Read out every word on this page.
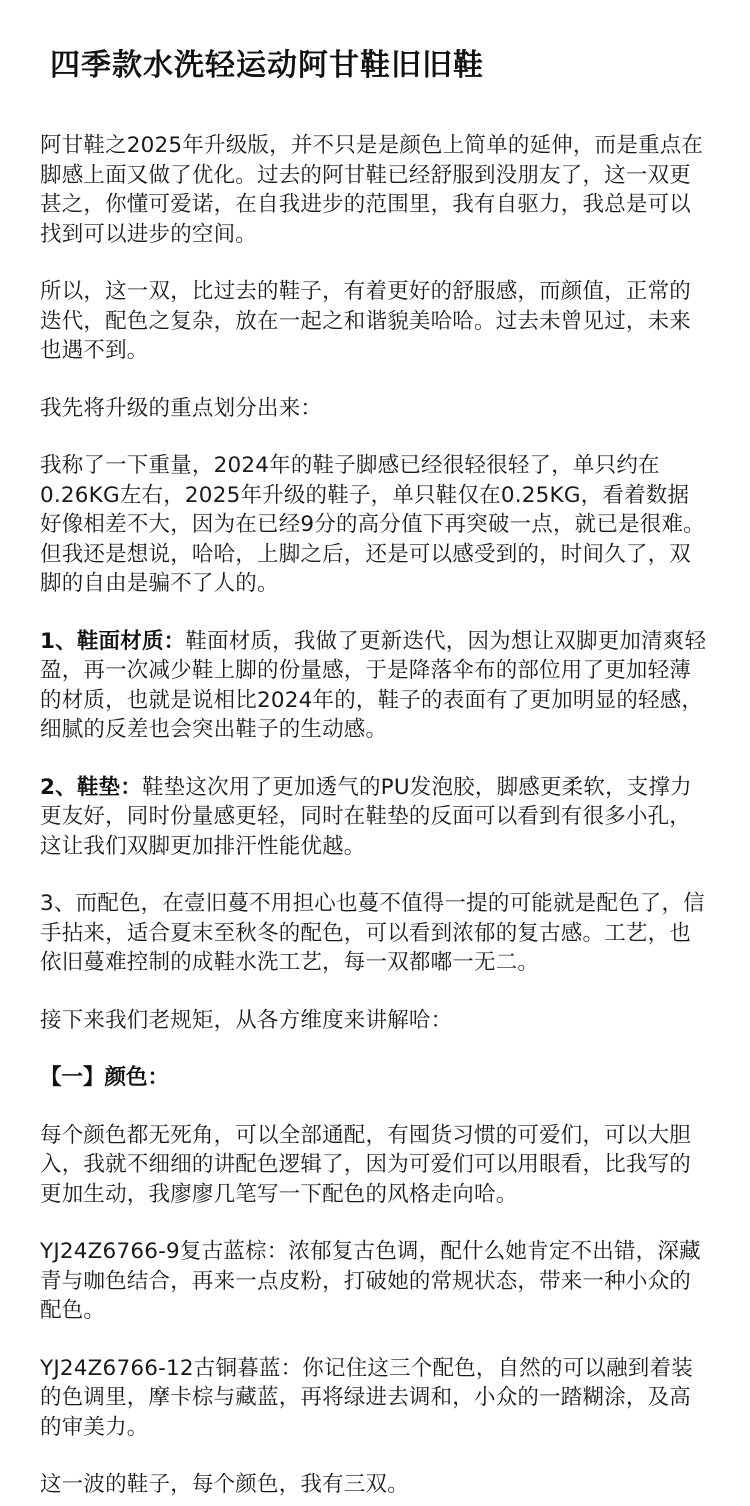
四季款水洗轻运动阿甘鞋旧旧鞋

阿甘鞋之2025年升级版，并不只是是颜色上简单的延伸，而是重点在脚感上面又做了优化。过去的阿甘鞋已经舒服到没朋友了，这一双更甚之，你懂可爱诺，在自我进步的范围里，我有自驱力，我总是可以找到可以进步的空间。

所以，这一双，比过去的鞋子，有着更好的舒服感，而颜值，正常的迭代，配色之复杂，放在一起之和谐貌美哈哈。过去未曾见过，未来也遇不到。

我先将升级的重点划分出来：

我称了一下重量，2024年的鞋子脚感已经很轻很轻了，单只约在0.26KG左右，2025年升级的鞋子，单只鞋仅在0.25KG，看着数据好像相差不大，因为在已经9分的高分值下再突破一点，就已是很难。但我还是想说，哈哈，上脚之后，还是可以感受到的，时间久了，双脚的自由是骗不了人的。

1、鞋面材质：鞋面材质，我做了更新迭代，因为想让双脚更加清爽轻盈，再一次减少鞋上脚的份量感，于是降落伞布的部位用了更加轻薄的材质，也就是说相比2024年的，鞋子的表面有了更加明显的轻感，细腻的反差也会突出鞋子的生动感。

2、鞋垫：鞋垫这次用了更加透气的PU发泡胶，脚感更柔软，支撑力更友好，同时份量感更轻，同时在鞋垫的反面可以看到有很多小孔，这让我们双脚更加排汗性能优越。

3、而配色，在壹旧蔓不用担心也蔓不值得一提的可能就是配色了，信手拈来，适合夏末至秋冬的配色，可以看到浓郁的复古感。工艺，也依旧蔓难控制的成鞋水洗工艺，每一双都嘟一无二。

接下来我们老规矩，从各方维度来讲解哈：

【一】颜色：

每个颜色都无死角，可以全部通配，有囤货习惯的可爱们，可以大胆入，我就不细细的讲配色逻辑了，因为可爱们可以用眼看，比我写的更加生动，我廖廖几笔写一下配色的风格走向哈。

YJ24Z6766-9复古蓝棕：浓郁复古色调，配什么她肯定不出错，深藏青与咖色结合，再来一点皮粉，打破她的常规状态，带来一种小众的配色。

YJ24Z6766-12古铜暮蓝：你记住这三个配色，自然的可以融到着装的色调里，摩卡棕与藏蓝，再将绿进去调和，小众的一踏糊涂，及高的审美力。

这一波的鞋子，每个颜色，我有三双。
